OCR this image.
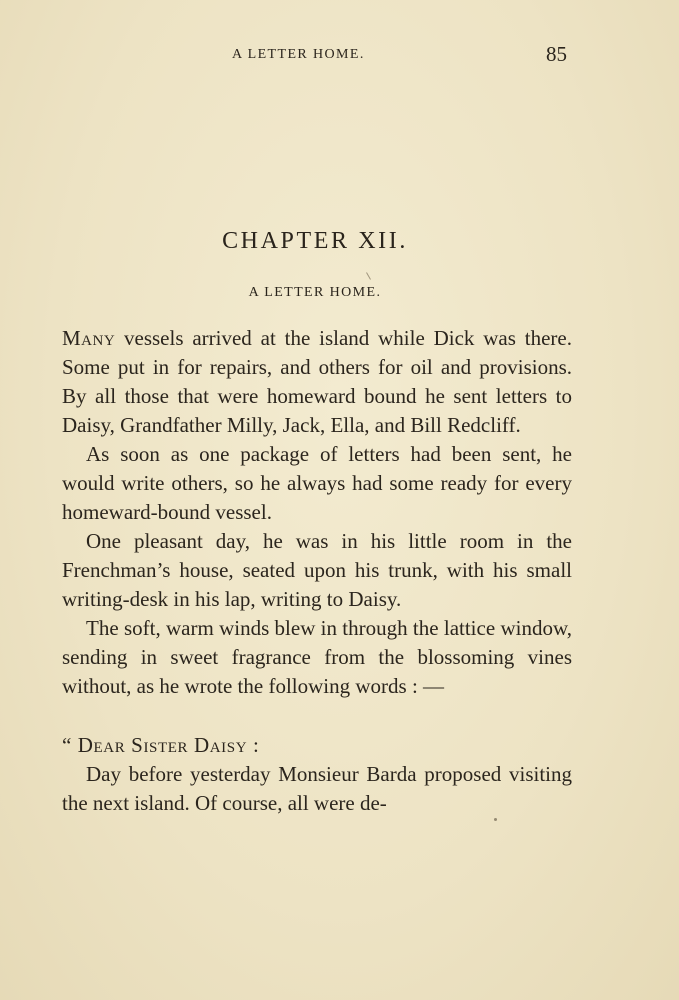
A LETTER HOME.	85
CHAPTER XII.
A LETTER HOME.

Many vessels arrived at the island while Dick was there. Some put in for repairs, and others for oil and provisions. By all those that were homeward bound he sent letters to Daisy, Grandfather Milly, Jack, Ella, and Bill Redcliff.

As soon as one package of letters had been sent, he would write others, so he always had some ready for every homeward-bound vessel.

One pleasant day, he was in his little room in the Frenchman’s house, seated upon his trunk, with his small writing-desk in his lap, writing to Daisy.

The soft, warm winds blew in through the lattice window, sending in sweet fragrance from the blossoming vines without, as he wrote the following words : —

“ Dear Sister Daisy :

Day before yesterday Monsieur Barda proposed visiting the next island. Of course, all were de-
